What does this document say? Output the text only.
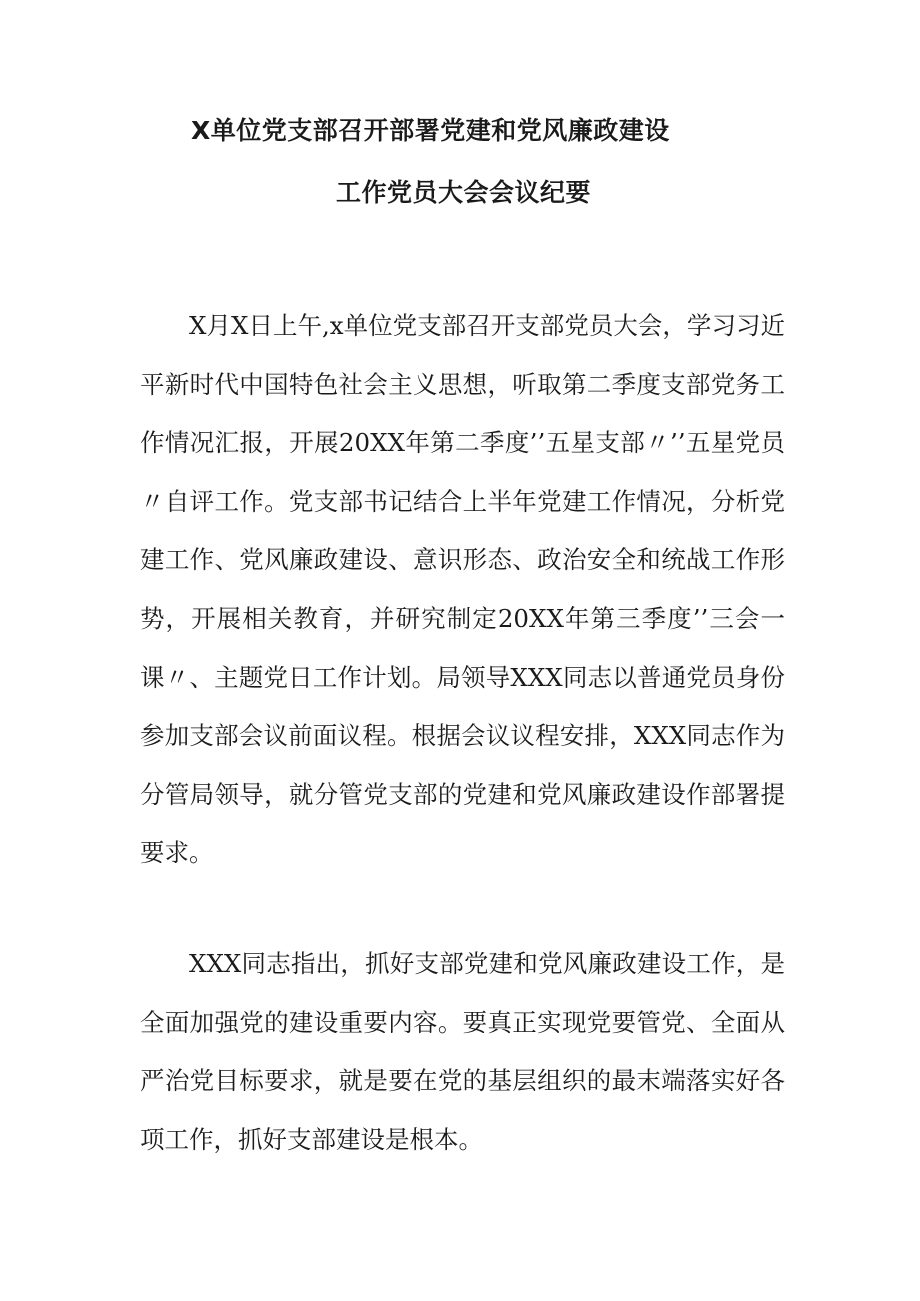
X单位党支部召开部署党建和党风廉政建设
工作党员大会会议纪要

X月X日上午,x单位党支部召开支部党员大会，学习习近平新时代中国特色社会主义思想，听取第二季度支部党务工作情况汇报，开展20XX年第二季度’’五星支部〃’’五星党员〃自评工作。党支部书记结合上半年党建工作情况，分析党建工作、党风廉政建设、意识形态、政治安全和统战工作形势，开展相关教育，并研究制定20XX年第三季度’’三会一课〃、主题党日工作计划。局领导XXX同志以普通党员身份参加支部会议前面议程。根据会议议程安排，XXX同志作为分管局领导，就分管党支部的党建和党风廉政建设作部署提要求。

XXX同志指出，抓好支部党建和党风廉政建设工作，是全面加强党的建设重要内容。要真正实现党要管党、全面从严治党目标要求，就是要在党的基层组织的最末端落实好各项工作，抓好支部建设是根本。
